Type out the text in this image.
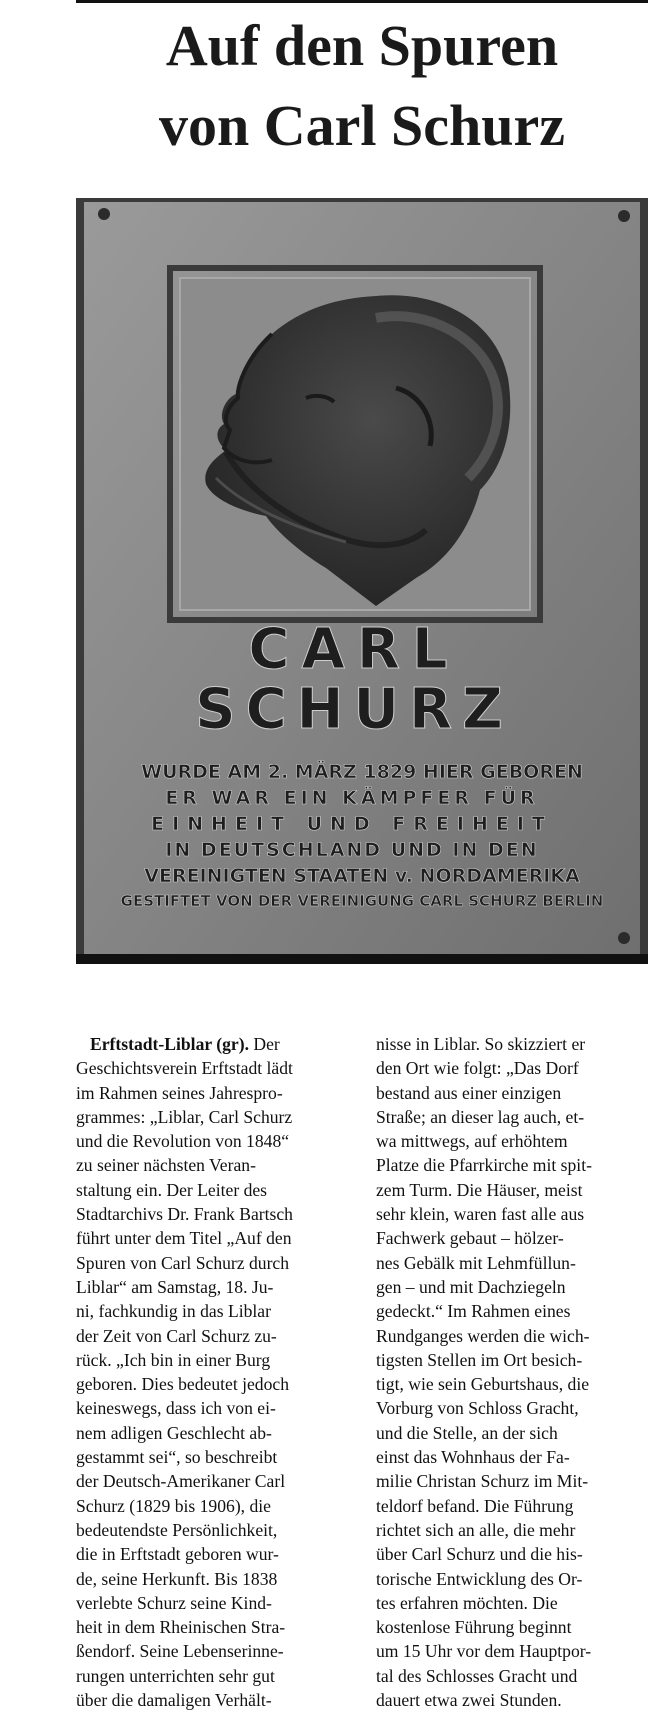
Auf den Spuren
von Carl Schurz
CARL
SCHURZ
WURDE AM 2. MÄRZ 1829 HIER GEBOREN
ER WAR EIN KÄMPFER FÜR
EINHEIT UND FREIHEIT
IN DEUTSCHLAND UND IN DEN
VEREINIGTEN STAATEN v. NORDAMERIKA
GESTIFTET VON DER VEREINIGUNG CARL SCHURZ BERLIN
Erftstadt-Liblar (gr). Der
Geschichtsverein Erftstadt lädt
im Rahmen seines Jahrespro-
grammes: „Liblar, Carl Schurz
und die Revolution von 1848“
zu seiner nächsten Veran-
staltung ein. Der Leiter des
Stadtarchivs Dr. Frank Bartsch
führt unter dem Titel „Auf den
Spuren von Carl Schurz durch
Liblar“ am Samstag, 18. Ju-
ni, fachkundig in das Liblar
der Zeit von Carl Schurz zu-
rück. „Ich bin in einer Burg
geboren. Dies bedeutet jedoch
keineswegs, dass ich von ei-
nem adligen Geschlecht ab-
gestammt sei“, so beschreibt
der Deutsch-Amerikaner Carl
Schurz (1829 bis 1906), die
bedeutendste Persönlichkeit,
die in Erftstadt geboren wur-
de, seine Herkunft. Bis 1838
verlebte Schurz seine Kind-
heit in dem Rheinischen Stra-
ßendorf. Seine Lebenserinne-
rungen unterrichten sehr gut
über die damaligen Verhält-
nisse in Liblar. So skizziert er
den Ort wie folgt: „Das Dorf
bestand aus einer einzigen
Straße; an dieser lag auch, et-
wa mittwegs, auf erhöhtem
Platze die Pfarrkirche mit spit-
zem Turm. Die Häuser, meist
sehr klein, waren fast alle aus
Fachwerk gebaut – hölzer-
nes Gebälk mit Lehmfüllun-
gen – und mit Dachziegeln
gedeckt.“ Im Rahmen eines
Rundganges werden die wich-
tigsten Stellen im Ort besich-
tigt, wie sein Geburtshaus, die
Vorburg von Schloss Gracht,
und die Stelle, an der sich
einst das Wohnhaus der Fa-
milie Christan Schurz im Mit-
teldorf befand. Die Führung
richtet sich an alle, die mehr
über Carl Schurz und die his-
torische Entwicklung des Or-
tes erfahren möchten. Die
kostenlose Führung beginnt
um 15 Uhr vor dem Hauptpor-
tal des Schlosses Gracht und
dauert etwa zwei Stunden.
